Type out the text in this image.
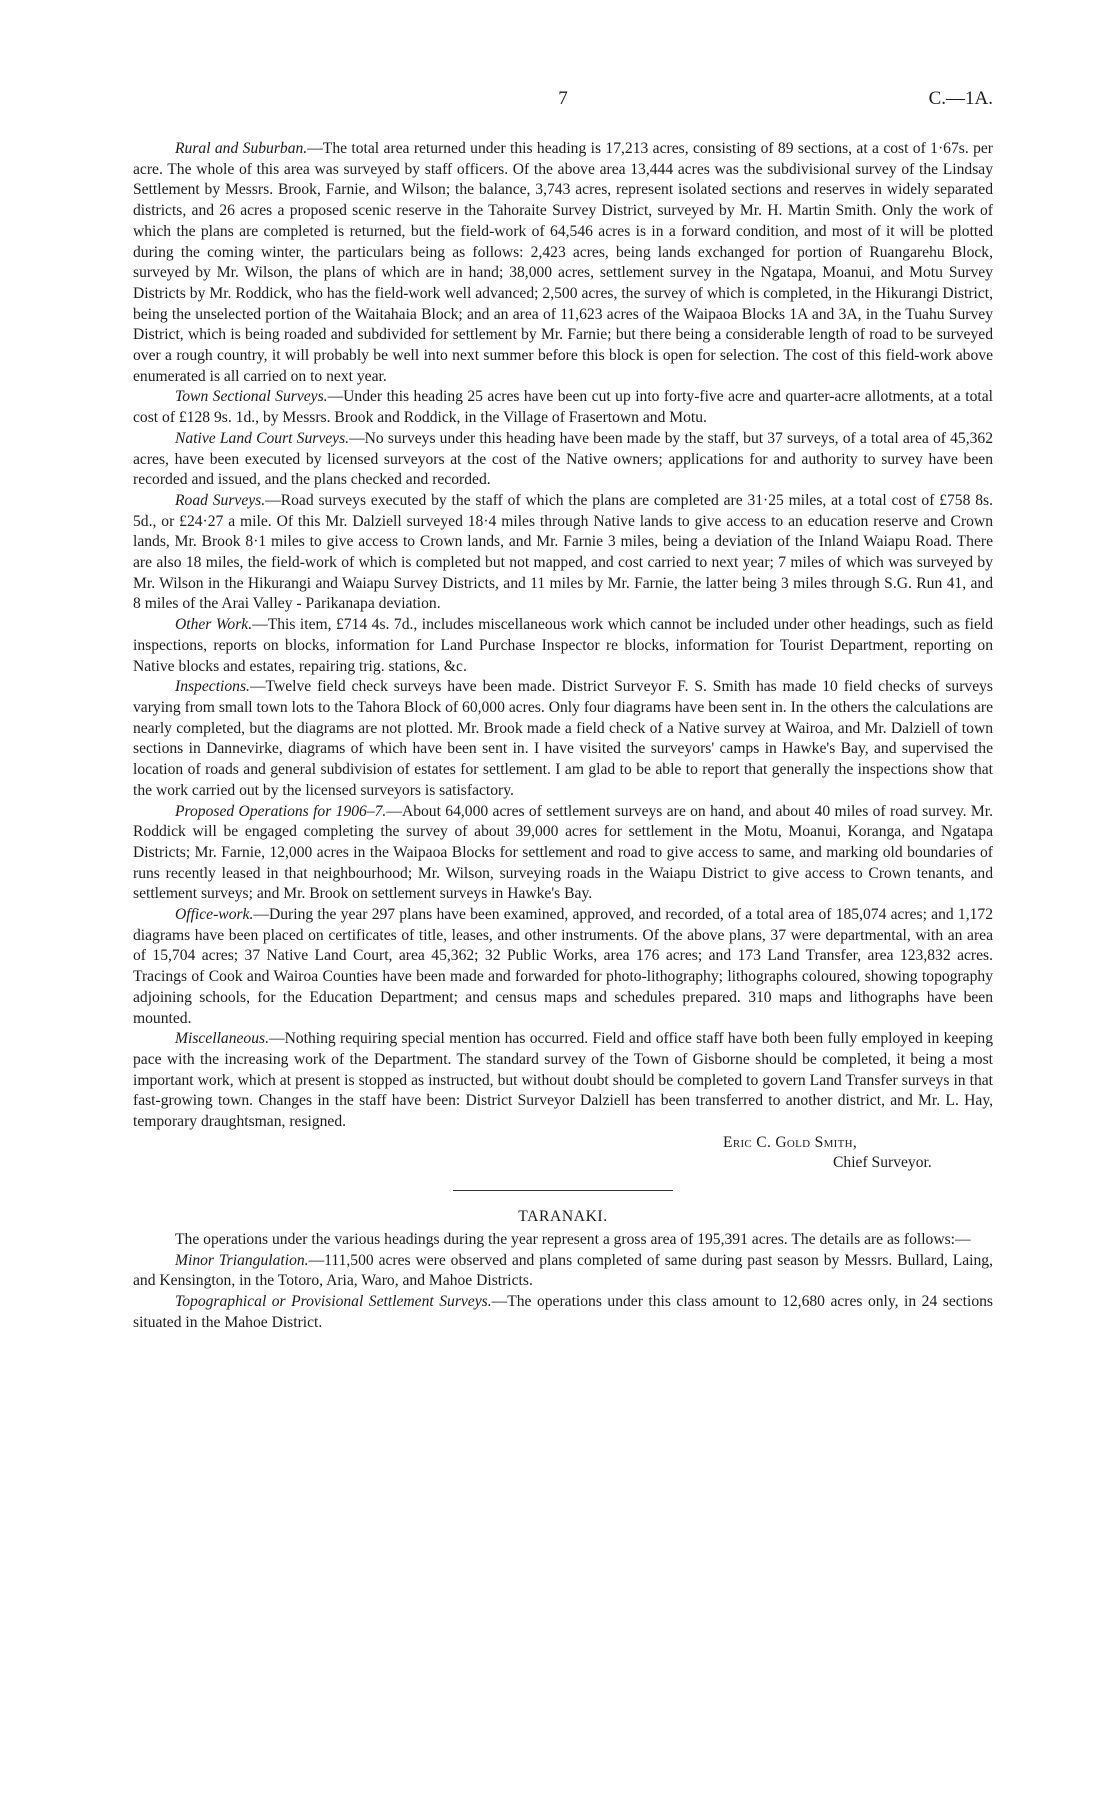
7	C.—1A.

Rural and Suburban.—The total area returned under this heading is 17,213 acres, consisting of 89 sections, at a cost of 1·67s. per acre. The whole of this area was surveyed by staff officers. Of the above area 13,444 acres was the subdivisional survey of the Lindsay Settlement by Messrs. Brook, Farnie, and Wilson; the balance, 3,743 acres, represent isolated sections and reserves in widely separated districts, and 26 acres a proposed scenic reserve in the Tahoraite Survey District, surveyed by Mr. H. Martin Smith. Only the work of which the plans are completed is returned, but the field-work of 64,546 acres is in a forward condition, and most of it will be plotted during the coming winter, the particulars being as follows: 2,423 acres, being lands exchanged for portion of Ruangarehu Block, surveyed by Mr. Wilson, the plans of which are in hand; 38,000 acres, settlement survey in the Ngatapa, Moanui, and Motu Survey Districts by Mr. Roddick, who has the field-work well advanced; 2,500 acres, the survey of which is completed, in the Hikurangi District, being the unselected portion of the Waitahaia Block; and an area of 11,623 acres of the Waipaoa Blocks 1A and 3A, in the Tuahu Survey District, which is being roaded and subdivided for settlement by Mr. Farnie; but there being a considerable length of road to be surveyed over a rough country, it will probably be well into next summer before this block is open for selection. The cost of this field-work above enumerated is all carried on to next year.

Town Sectional Surveys.—Under this heading 25 acres have been cut up into forty-five acre and quarter-acre allotments, at a total cost of £128 9s. 1d., by Messrs. Brook and Roddick, in the Village of Frasertown and Motu.

Native Land Court Surveys.—No surveys under this heading have been made by the staff, but 37 surveys, of a total area of 45,362 acres, have been executed by licensed surveyors at the cost of the Native owners; applications for and authority to survey have been recorded and issued, and the plans checked and recorded.

Road Surveys.—Road surveys executed by the staff of which the plans are completed are 31·25 miles, at a total cost of £758 8s. 5d., or £24·27 a mile. Of this Mr. Dalziell surveyed 18·4 miles through Native lands to give access to an education reserve and Crown lands, Mr. Brook 8·1 miles to give access to Crown lands, and Mr. Farnie 3 miles, being a deviation of the Inland Waiapu Road. There are also 18 miles, the field-work of which is completed but not mapped, and cost carried to next year; 7 miles of which was surveyed by Mr. Wilson in the Hikurangi and Waiapu Survey Districts, and 11 miles by Mr. Farnie, the latter being 3 miles through S.G. Run 41, and 8 miles of the Arai Valley - Parikanapa deviation.

Other Work.—This item, £714 4s. 7d., includes miscellaneous work which cannot be included under other headings, such as field inspections, reports on blocks, information for Land Purchase Inspector re blocks, information for Tourist Department, reporting on Native blocks and estates, repairing trig. stations, &c.

Inspections.—Twelve field check surveys have been made. District Surveyor F. S. Smith has made 10 field checks of surveys varying from small town lots to the Tahora Block of 60,000 acres. Only four diagrams have been sent in. In the others the calculations are nearly completed, but the diagrams are not plotted. Mr. Brook made a field check of a Native survey at Wairoa, and Mr. Dalziell of town sections in Dannevirke, diagrams of which have been sent in. I have visited the surveyors' camps in Hawke's Bay, and supervised the location of roads and general subdivision of estates for settlement. I am glad to be able to report that generally the inspections show that the work carried out by the licensed surveyors is satisfactory.

Proposed Operations for 1906–7.—About 64,000 acres of settlement surveys are on hand, and about 40 miles of road survey. Mr. Roddick will be engaged completing the survey of about 39,000 acres for settlement in the Motu, Moanui, Koranga, and Ngatapa Districts; Mr. Farnie, 12,000 acres in the Waipaoa Blocks for settlement and road to give access to same, and marking old boundaries of runs recently leased in that neighbourhood; Mr. Wilson, surveying roads in the Waiapu District to give access to Crown tenants, and settlement surveys; and Mr. Brook on settlement surveys in Hawke's Bay.

Office-work.—During the year 297 plans have been examined, approved, and recorded, of a total area of 185,074 acres; and 1,172 diagrams have been placed on certificates of title, leases, and other instruments. Of the above plans, 37 were departmental, with an area of 15,704 acres; 37 Native Land Court, area 45,362; 32 Public Works, area 176 acres; and 173 Land Transfer, area 123,832 acres. Tracings of Cook and Wairoa Counties have been made and forwarded for photo-lithography; lithographs coloured, showing topography adjoining schools, for the Education Department; and census maps and schedules prepared. 310 maps and lithographs have been mounted.

Miscellaneous.—Nothing requiring special mention has occurred. Field and office staff have both been fully employed in keeping pace with the increasing work of the Department. The standard survey of the Town of Gisborne should be completed, it being a most important work, which at present is stopped as instructed, but without doubt should be completed to govern Land Transfer surveys in that fast-growing town. Changes in the staff have been: District Surveyor Dalziell has been transferred to another district, and Mr. L. Hay, temporary draughtsman, resigned.

Eric C. Gold Smith,
Chief Surveyor.
TARANAKI.

The operations under the various headings during the year represent a gross area of 195,391 acres. The details are as follows:—

Minor Triangulation.—111,500 acres were observed and plans completed of same during past season by Messrs. Bullard, Laing, and Kensington, in the Totoro, Aria, Waro, and Mahoe Districts.

Topographical or Provisional Settlement Surveys.—The operations under this class amount to 12,680 acres only, in 24 sections situated in the Mahoe District.
